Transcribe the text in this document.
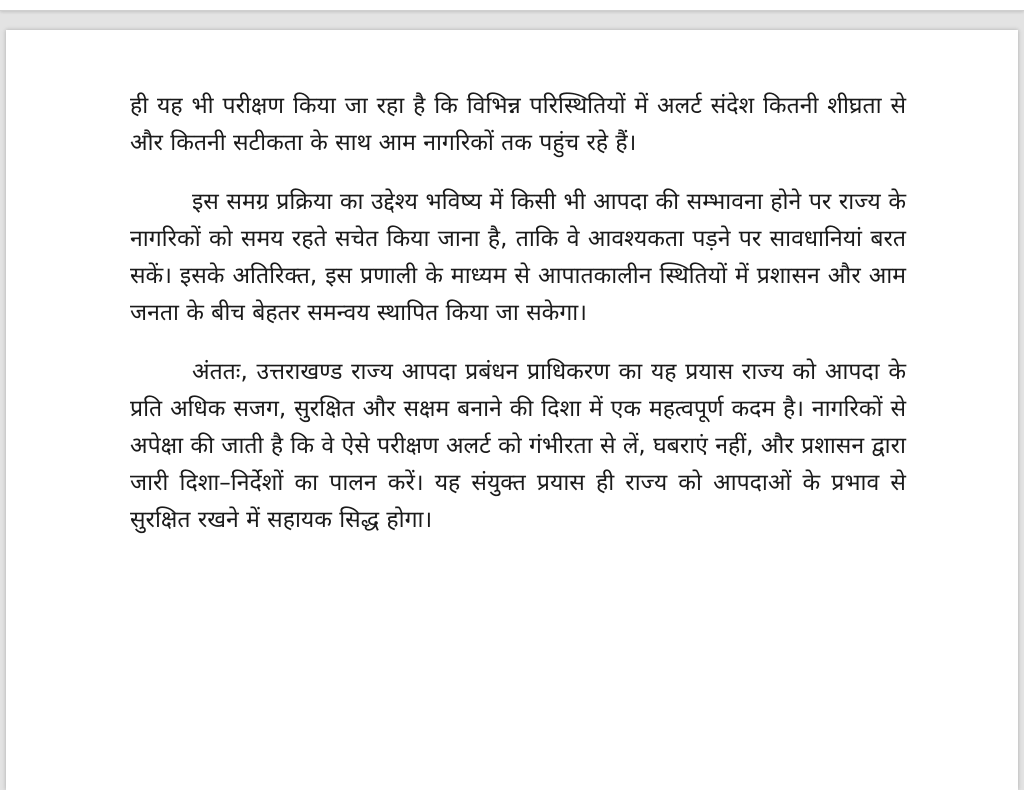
ही यह भी परीक्षण किया जा रहा है कि विभिन्न परिस्थितियों में अलर्ट संदेश कितनी शीघ्रता से और कितनी सटीकता के साथ आम नागरिकों तक पहुंच रहे हैं।

इस समग्र प्रक्रिया का उद्देश्य भविष्य में किसी भी आपदा की सम्भावना होने पर राज्य के नागरिकों को समय रहते सचेत किया जाना है, ताकि वे आवश्यकता पड़ने पर सावधानियां बरत सकें। इसके अतिरिक्त, इस प्रणाली के माध्यम से आपातकालीन स्थितियों में प्रशासन और आम जनता के बीच बेहतर समन्वय स्थापित किया जा सकेगा।

अंततः, उत्तराखण्ड राज्य आपदा प्रबंधन प्राधिकरण का यह प्रयास राज्य को आपदा के प्रति अधिक सजग, सुरक्षित और सक्षम बनाने की दिशा में एक महत्वपूर्ण कदम है। नागरिकों से अपेक्षा की जाती है कि वे ऐसे परीक्षण अलर्ट को गंभीरता से लें, घबराएं नहीं, और प्रशासन द्वारा जारी दिशा–निर्देशों का पालन करें। यह संयुक्त प्रयास ही राज्य को आपदाओं के प्रभाव से सुरक्षित रखने में सहायक सिद्ध होगा।
